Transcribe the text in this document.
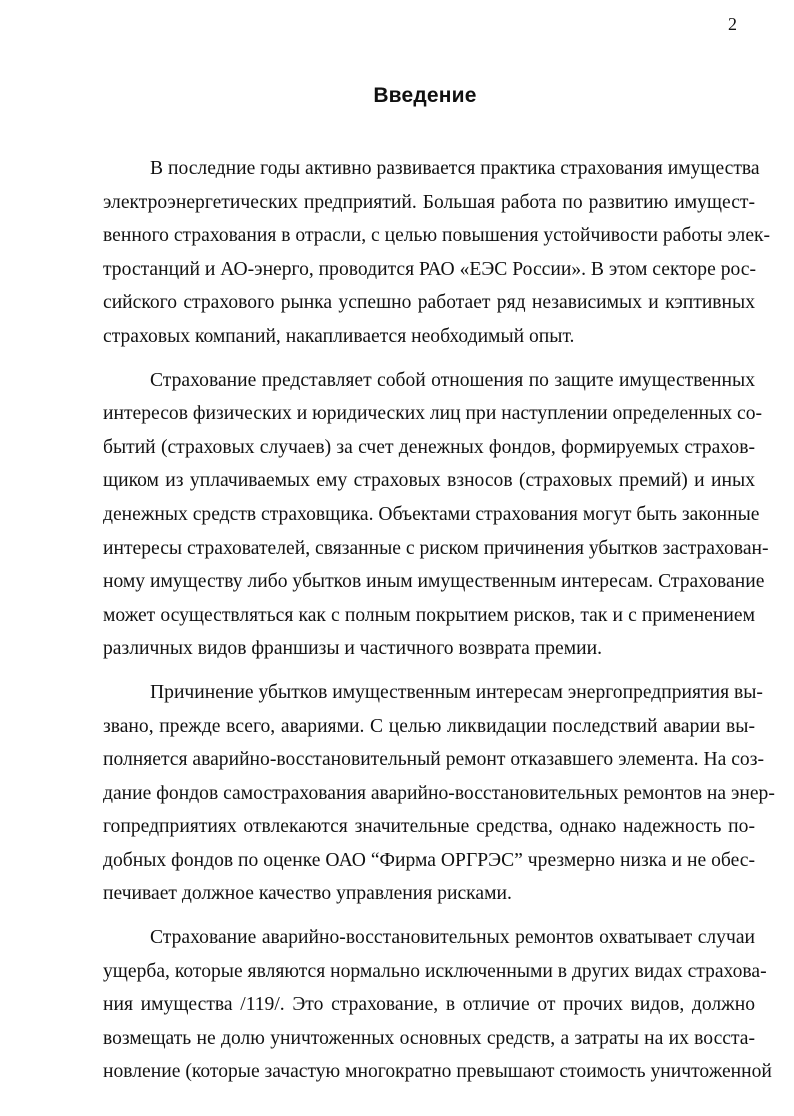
2
Введение
В последние годы активно развивается практика страхования имущества
электроэнергетических предприятий. Большая работа по развитию имущест-
венного страхования в отрасли, с целью повышения устойчивости работы элек-
тростанций и АО-энерго, проводится РАО «ЕЭС России». В этом секторе рос-
сийского страхового рынка успешно работает ряд независимых и кэптивных
страховых компаний, накапливается необходимый опыт.
Страхование представляет собой отношения по защите имущественных
интересов физических и юридических лиц при наступлении определенных со-
бытий (страховых случаев) за счет денежных фондов, формируемых страхов-
щиком из уплачиваемых ему страховых взносов (страховых премий) и иных
денежных средств страховщика. Объектами страхования могут быть законные
интересы страхователей, связанные с риском причинения убытков застрахован-
ному имуществу либо убытков иным имущественным интересам. Страхование
может осуществляться как с полным покрытием рисков, так и с применением
различных видов франшизы и частичного возврата премии.
Причинение убытков имущественным интересам энергопредприятия вы-
звано, прежде всего, авариями. С целью ликвидации последствий аварии вы-
полняется аварийно-восстановительный ремонт отказавшего элемента. На соз-
дание фондов самострахования аварийно-восстановительных ремонтов на энер-
гопредприятиях отвлекаются значительные средства, однако надежность по-
добных фондов по оценке ОАО “Фирма ОРГРЭС” чрезмерно низка и не обес-
печивает должное качество управления рисками.
Страхование аварийно-восстановительных ремонтов охватывает случаи
ущерба, которые являются нормально исключенными в других видах страхова-
ния имущества /119/. Это страхование, в отличие от прочих видов, должно
возмещать не долю уничтоженных основных средств, а затраты на их восста-
новление (которые зачастую многократно превышают стоимость уничтоженной
